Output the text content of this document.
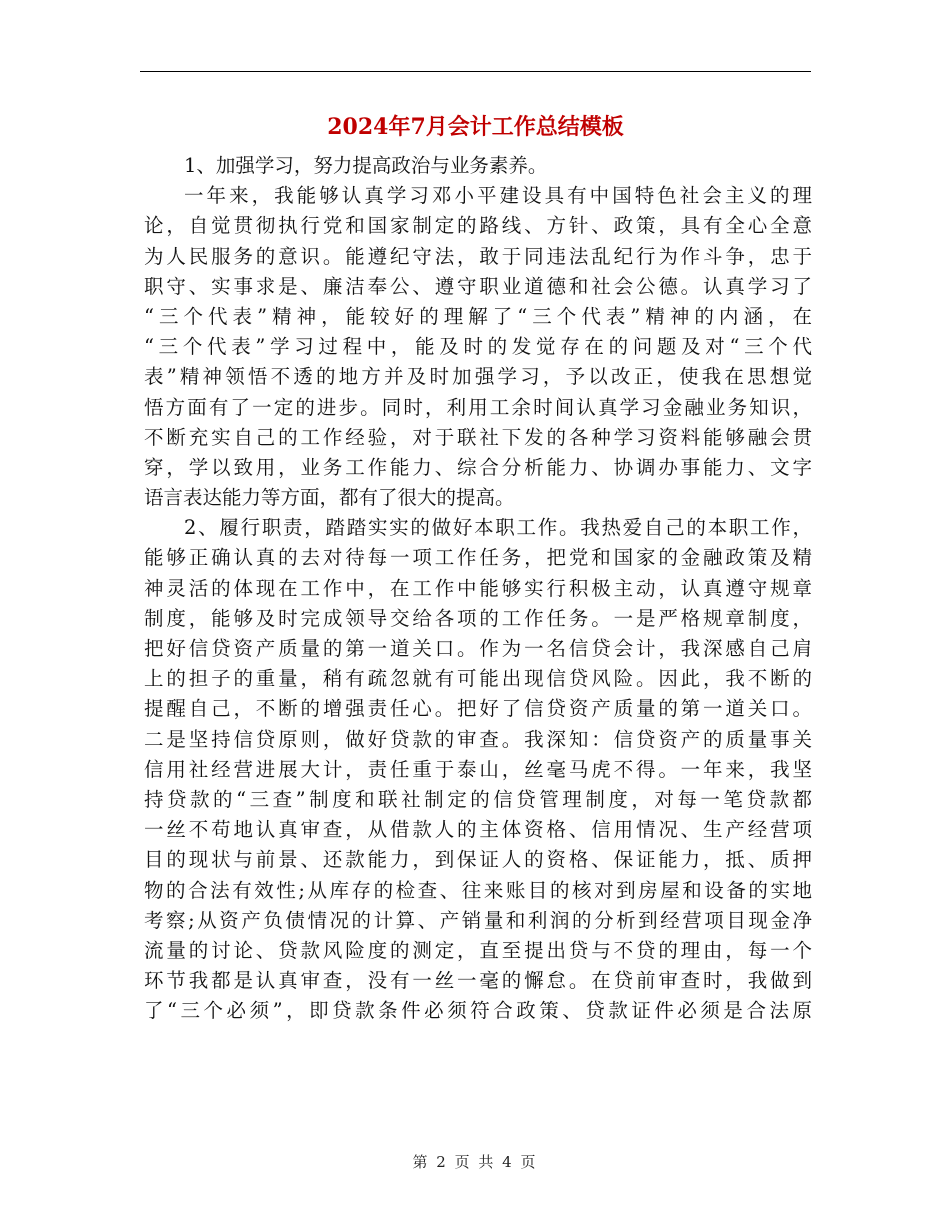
2024年7月会计工作总结模板
1、加强学习，努力提高政治与业务素养。
一年来，我能够认真学习邓小平建设具有中国特色社会主义的理
论，自觉贯彻执行党和国家制定的路线、方针、政策，具有全心全意
为人民服务的意识。能遵纪守法，敢于同违法乱纪行为作斗争，忠于
职守、实事求是、廉洁奉公、遵守职业道德和社会公德。认真学习了
“三个代表”精神，能较好的理解了“三个代表”精神的内涵，在
“三个代表”学习过程中，能及时的发觉存在的问题及对“三个代
表”精神领悟不透的地方并及时加强学习，予以改正，使我在思想觉
悟方面有了一定的进步。同时，利用工余时间认真学习金融业务知识，
不断充实自己的工作经验，对于联社下发的各种学习资料能够融会贯
穿，学以致用，业务工作能力、综合分析能力、协调办事能力、文字
语言表达能力等方面，都有了很大的提高。
2、履行职责，踏踏实实的做好本职工作。我热爱自己的本职工作，
能够正确认真的去对待每一项工作任务，把党和国家的金融政策及精
神灵活的体现在工作中，在工作中能够实行积极主动，认真遵守规章
制度，能够及时完成领导交给各项的工作任务。一是严格规章制度，
把好信贷资产质量的第一道关口。作为一名信贷会计，我深感自己肩
上的担子的重量，稍有疏忽就有可能出现信贷风险。因此，我不断的
提醒自己，不断的增强责任心。把好了信贷资产质量的第一道关口。
二是坚持信贷原则，做好贷款的审查。我深知：信贷资产的质量事关
信用社经营进展大计，责任重于泰山，丝毫马虎不得。一年来，我坚
持贷款的“三查”制度和联社制定的信贷管理制度，对每一笔贷款都
一丝不苟地认真审查，从借款人的主体资格、信用情况、生产经营项
目的现状与前景、还款能力，到保证人的资格、保证能力，抵、质押
物的合法有效性;从库存的检查、往来账目的核对到房屋和设备的实地
考察;从资产负债情况的计算、产销量和利润的分析到经营项目现金净
流量的讨论、贷款风险度的测定，直至提出贷与不贷的理由，每一个
环节我都是认真审查，没有一丝一毫的懈怠。在贷前审查时，我做到
了“三个必须”，即贷款条件必须符合政策、贷款证件必须是合法原
第 2 页 共 4 页
